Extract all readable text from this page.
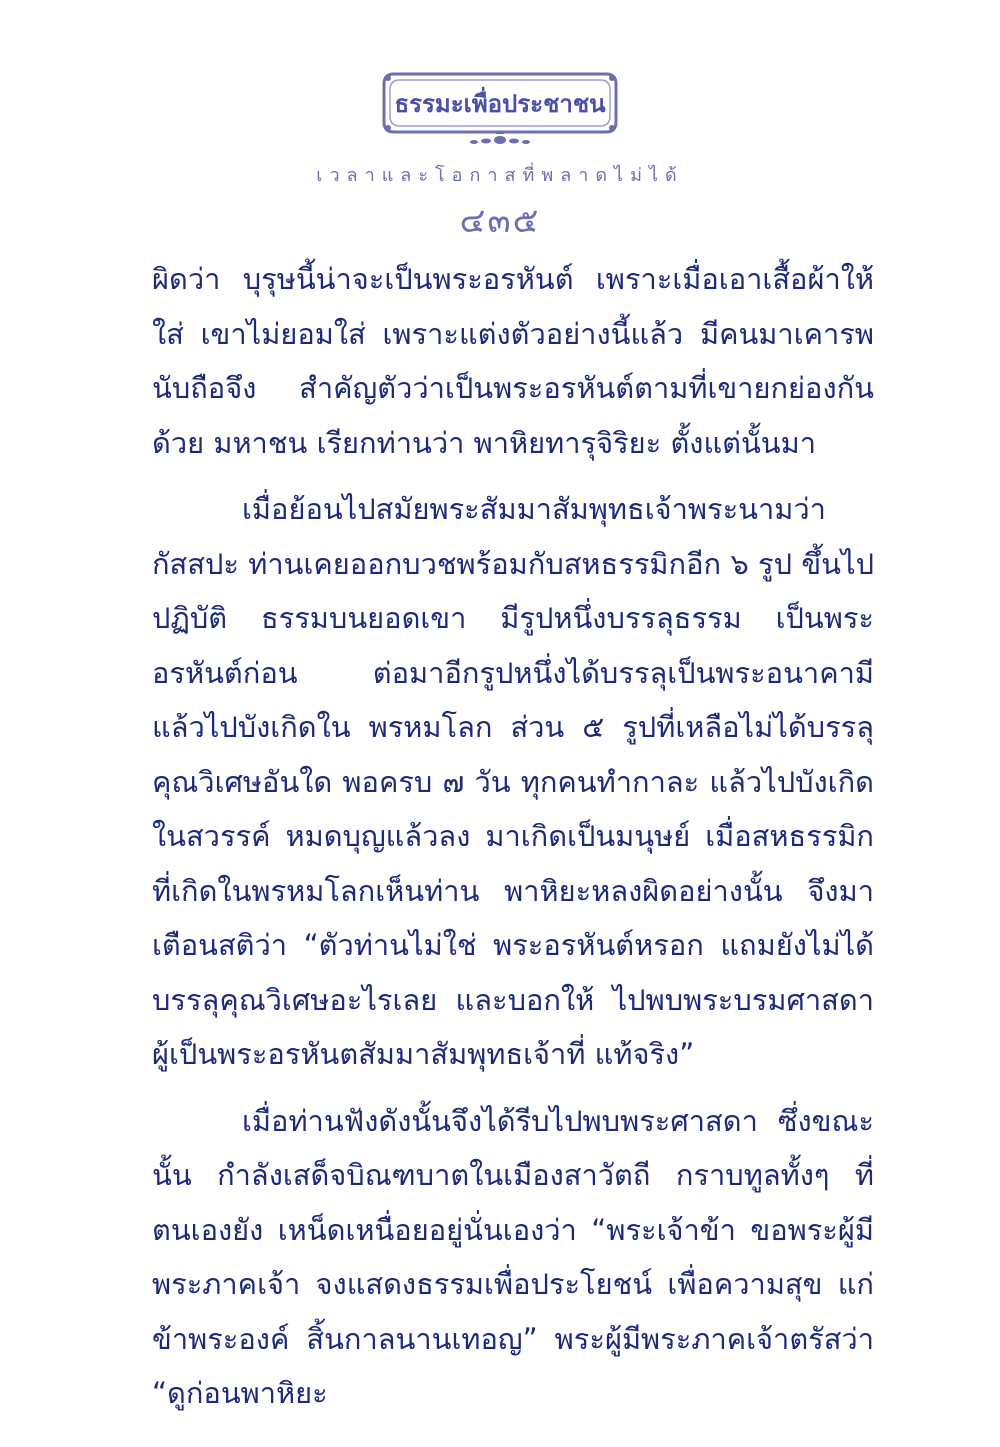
ธรรมะเพื่อประชาชน
เวลาและโอกาสที่พลาดไม่ได้
๔๓๕

ผิดว่า บุรุษนี้น่าจะเป็นพระอรหันต์ เพราะเมื่อเอาเสื้อผ้าให้ใส่ เขาไม่ยอมใส่ เพราะแต่งตัวอย่างนี้แล้ว มีคนมาเคารพนับถือจึง สำคัญตัวว่าเป็นพระอรหันต์ตามที่เขายกย่องกันด้วย มหาชน เรียกท่านว่า พาหิยทารุจิริยะ ตั้งแต่นั้นมา

เมื่อย้อนไปสมัยพระสัมมาสัมพุทธเจ้าพระนามว่ากัสสปะ ท่านเคยออกบวชพร้อมกับสหธรรมิกอีก ๖ รูป ขึ้นไปปฏิบัติ ธรรมบนยอดเขา มีรูปหนึ่งบรรลุธรรม เป็นพระอรหันต์ก่อน ต่อมาอีกรูปหนึ่งได้บรรลุเป็นพระอนาคามี แล้วไปบังเกิดใน พรหมโลก ส่วน ๕ รูปที่เหลือไม่ได้บรรลุคุณวิเศษอันใด พอครบ ๗ วัน ทุกคนทำกาละ แล้วไปบังเกิดในสวรรค์ หมดบุญแล้วลง มาเกิดเป็นมนุษย์ เมื่อสหธรรมิกที่เกิดในพรหมโลกเห็นท่าน พาหิยะหลงผิดอย่างนั้น จึงมาเตือนสติว่า “ตัวท่านไม่ใช่ พระอรหันต์หรอก แถมยังไม่ได้บรรลุคุณวิเศษอะไรเลย และบอกให้ ไปพบพระบรมศาสดา ผู้เป็นพระอรหันตสัมมาสัมพุทธเจ้าที่ แท้จริง”

เมื่อท่านฟังดังนั้นจึงได้รีบไปพบพระศาสดา ซึ่งขณะนั้น กำลังเสด็จบิณฑบาตในเมืองสาวัตถี กราบทูลทั้งๆ ที่ตนเองยัง เหน็ดเหนื่อยอยู่นั่นเองว่า “พระเจ้าข้า ขอพระผู้มีพระภาคเจ้า จงแสดงธรรมเพื่อประโยชน์ เพื่อความสุข แก่ข้าพระองค์ สิ้นกาลนานเทอญ” พระผู้มีพระภาคเจ้าตรัสว่า “ดูก่อนพาหิยะ
